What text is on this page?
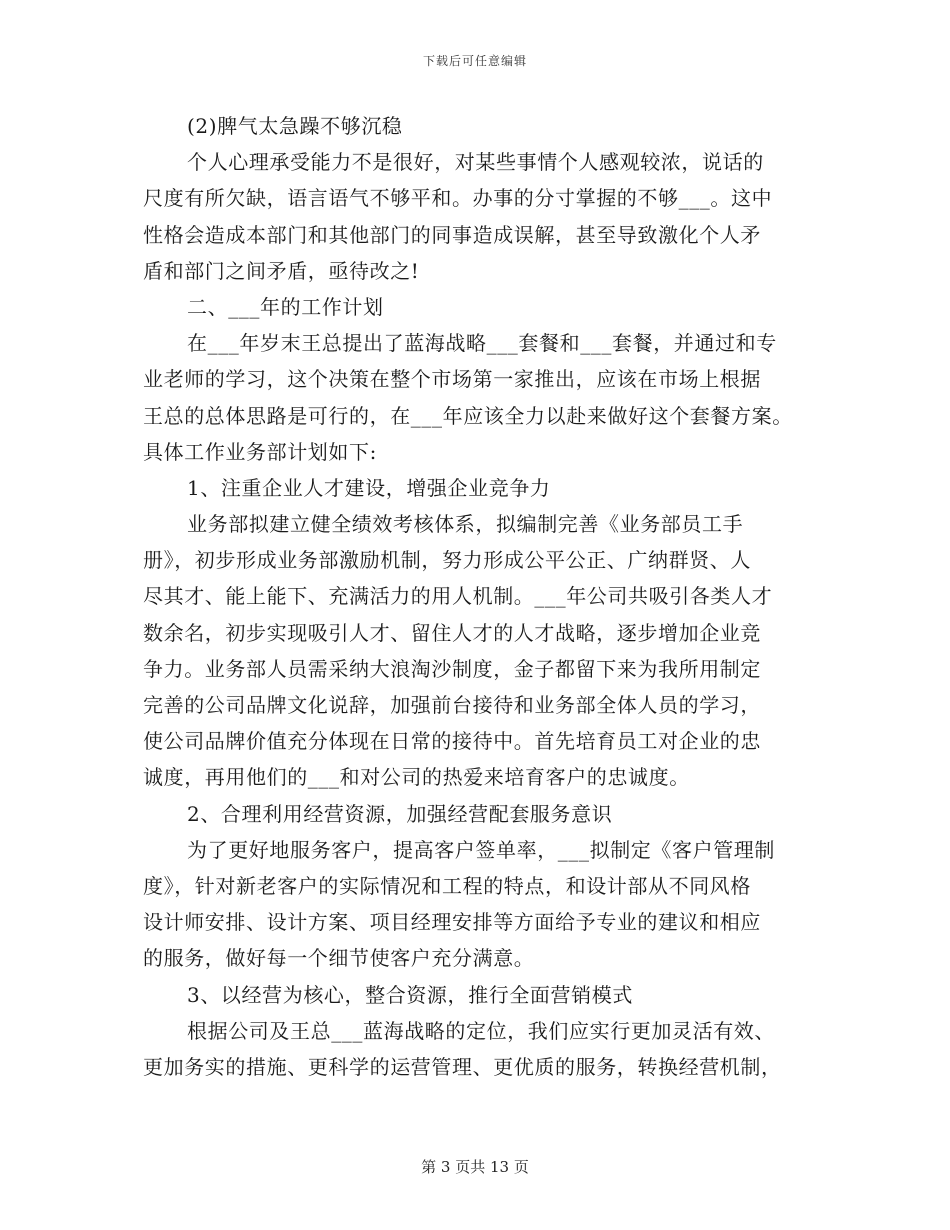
下载后可任意编辑
(2)脾气太急躁不够沉稳
个人心理承受能力不是很好，对某些事情个人感观较浓，说话的
尺度有所欠缺，语言语气不够平和。办事的分寸掌握的不够___。这中
性格会造成本部门和其他部门的同事造成误解，甚至导致激化个人矛
盾和部门之间矛盾，亟待改之!
二、___年的工作计划
在___年岁末王总提出了蓝海战略___套餐和___套餐，并通过和专
业老师的学习，这个决策在整个市场第一家推出，应该在市场上根据
王总的总体思路是可行的，在___年应该全力以赴来做好这个套餐方案。
具体工作业务部计划如下:
1、注重企业人才建设，增强企业竞争力
业务部拟建立健全绩效考核体系，拟编制完善《业务部员工手
册》，初步形成业务部激励机制，努力形成公平公正、广纳群贤、人
尽其才、能上能下、充满活力的用人机制。___年公司共吸引各类人才
数余名，初步实现吸引人才、留住人才的人才战略，逐步增加企业竞
争力。业务部人员需采纳大浪淘沙制度，金子都留下来为我所用制定
完善的公司品牌文化说辞，加强前台接待和业务部全体人员的学习，
使公司品牌价值充分体现在日常的接待中。首先培育员工对企业的忠
诚度，再用他们的___和对公司的热爱来培育客户的忠诚度。
2、合理利用经营资源，加强经营配套服务意识
为了更好地服务客户，提高客户签单率，___拟制定《客户管理制
度》，针对新老客户的实际情况和工程的特点，和设计部从不同风格
设计师安排、设计方案、项目经理安排等方面给予专业的建议和相应
的服务，做好每一个细节使客户充分满意。
3、以经营为核心，整合资源，推行全面营销模式
根据公司及王总___蓝海战略的定位，我们应实行更加灵活有效、
更加务实的措施、更科学的运营管理、更优质的服务，转换经营机制，
第 3 页共 13 页
